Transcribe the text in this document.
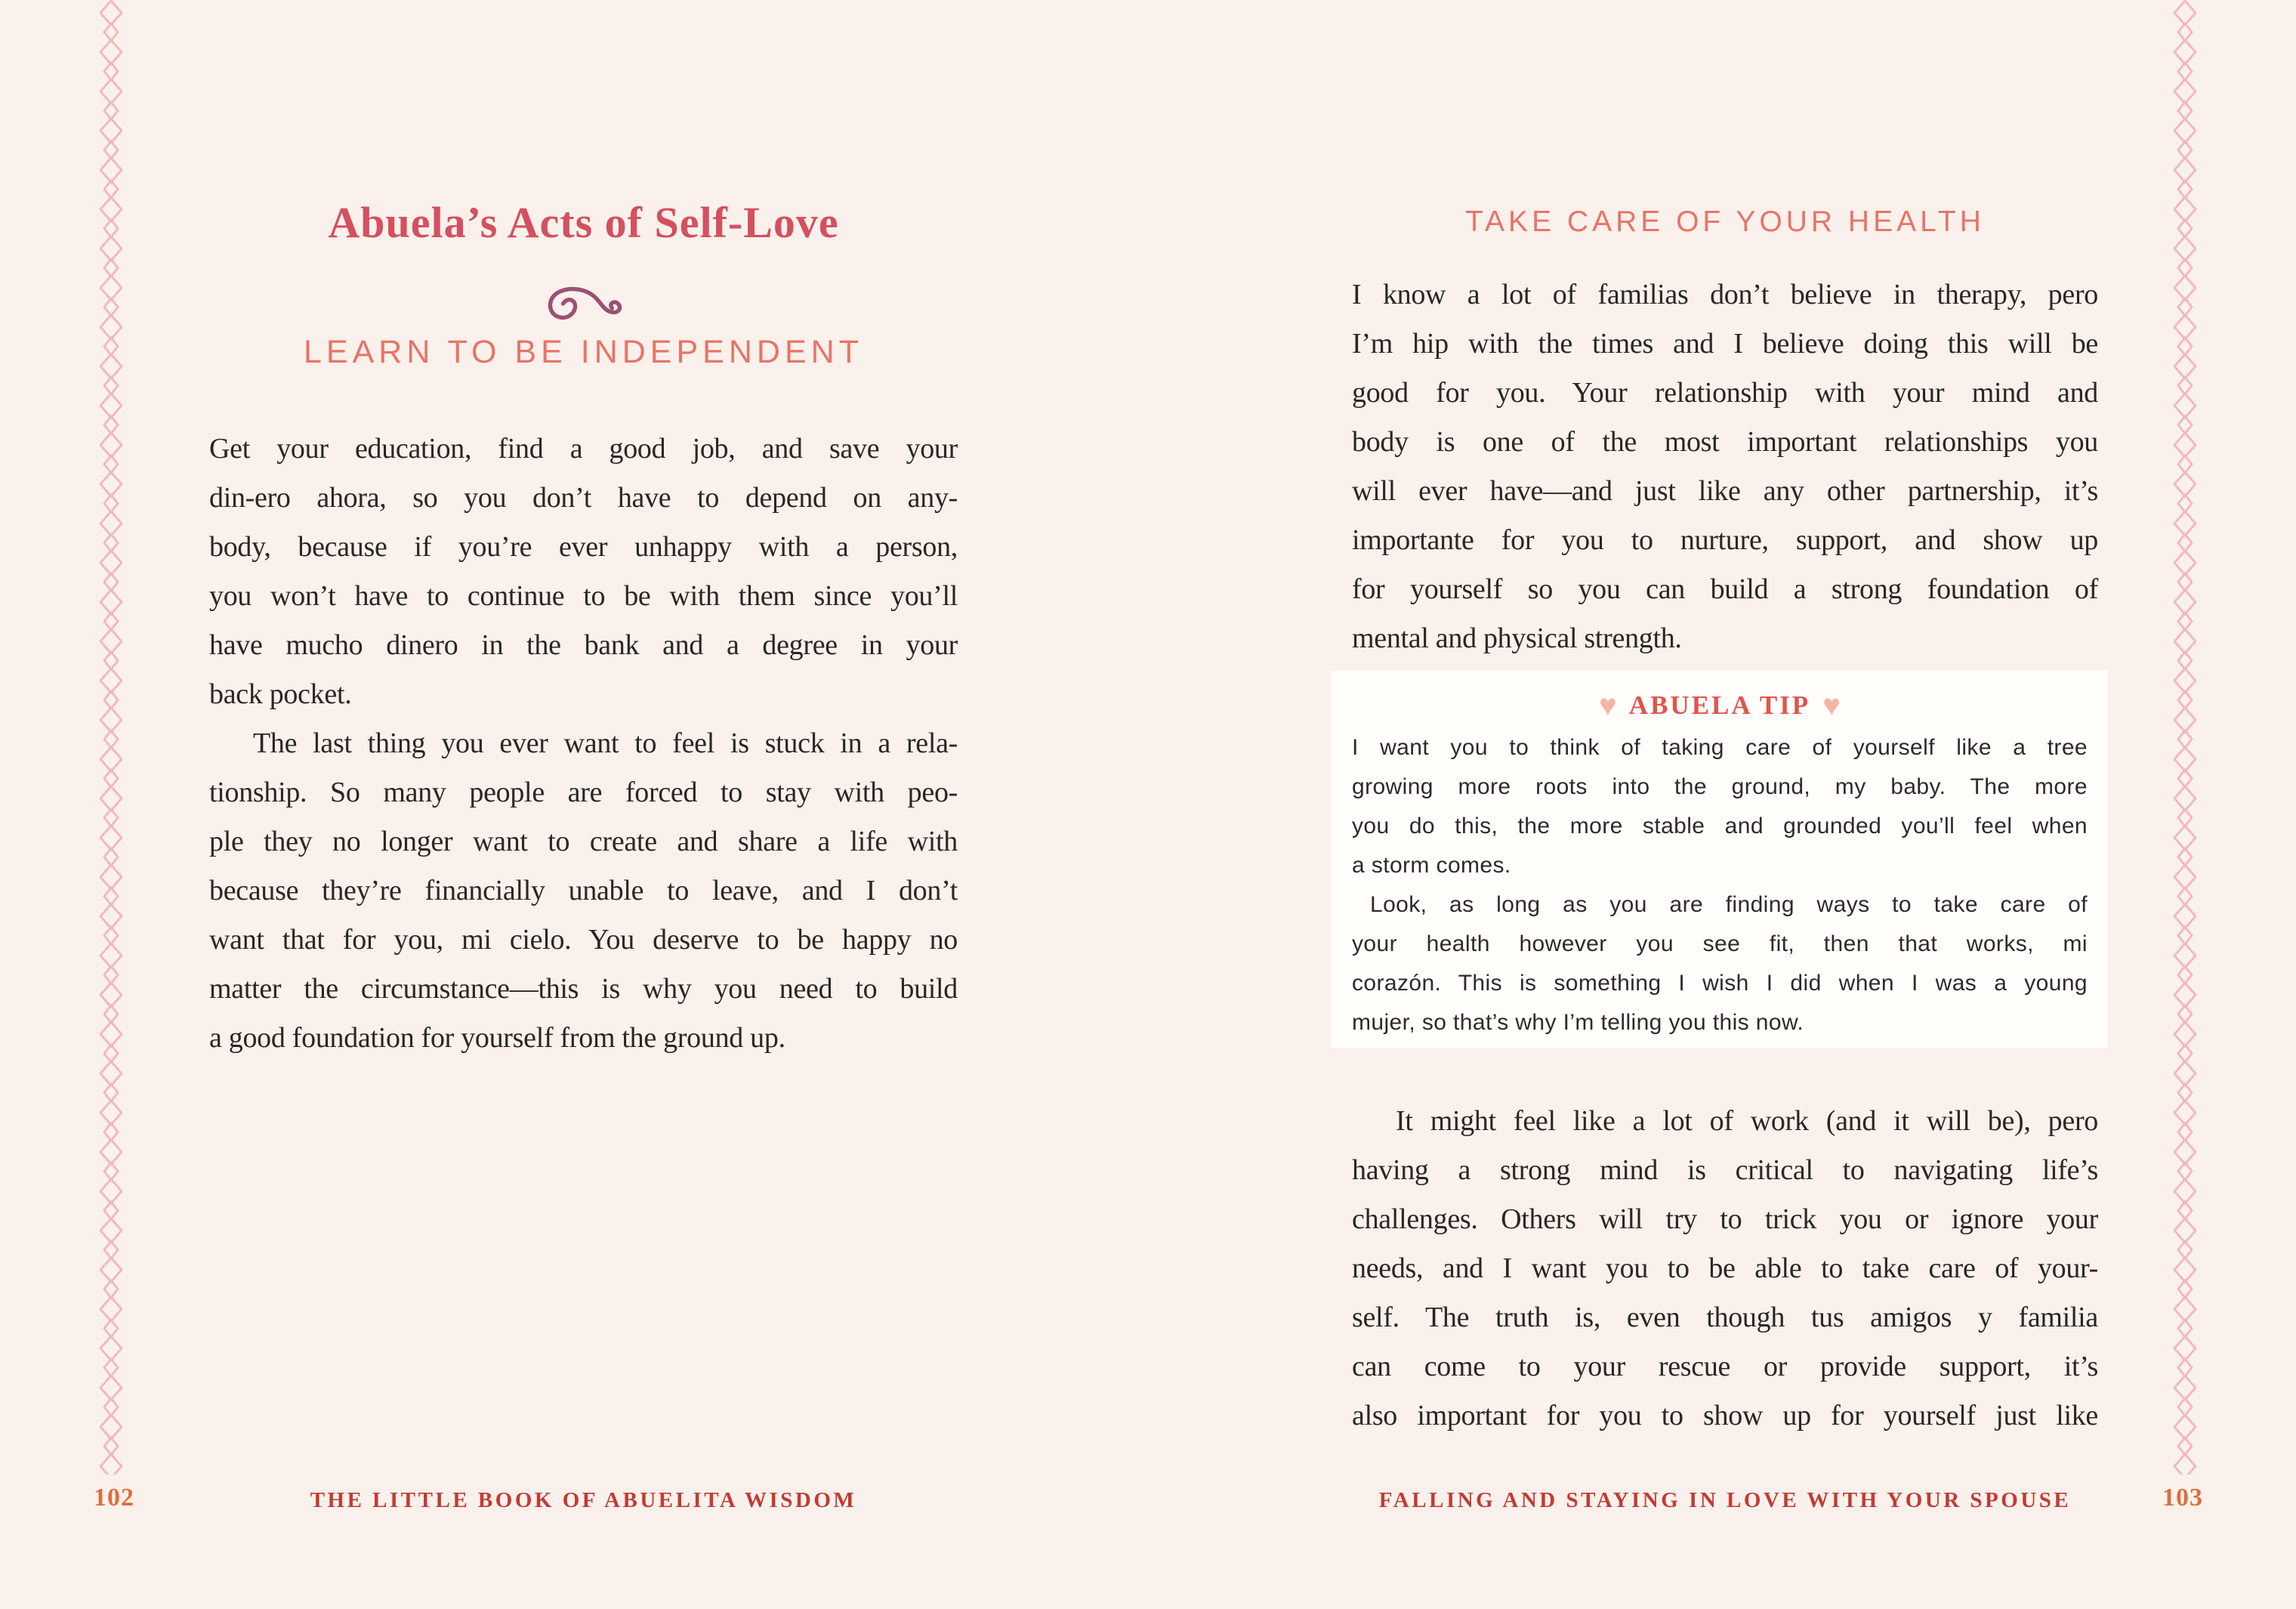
Abuela’s Acts of Self-Love
LEARN TO BE INDEPENDENT
Get your education, find a good job, and save your
din-ero ahora, so you don’t have to depend on any-
body, because if you’re ever unhappy with a person,
you won’t have to continue to be with them since you’ll
have mucho dinero in the bank and a degree in your
back pocket.
The last thing you ever want to feel is stuck in a rela-
tionship. So many people are forced to stay with peo-
ple they no longer want to create and share a life with
because they’re financially unable to leave, and I don’t
want that for you, mi cielo. You deserve to be happy no
matter the circumstance—this is why you need to build
a good foundation for yourself from the ground up.
102	THE LITTLE BOOK OF ABUELITA WISDOM
TAKE CARE OF YOUR HEALTH
I know a lot of familias don’t believe in therapy, pero
I’m hip with the times and I believe doing this will be
good for you. Your relationship with your mind and
body is one of the most important relationships you
will ever have—and just like any other partnership, it’s
importante for you to nurture, support, and show up
for yourself so you can build a strong foundation of
mental and physical strength.
♥ ABUELA TIP ♥
I want you to think of taking care of yourself like a tree
growing more roots into the ground, my baby. The more
you do this, the more stable and grounded you’ll feel when
a storm comes.
Look, as long as you are finding ways to take care of
your health however you see fit, then that works, mi
corazón. This is something I wish I did when I was a young
mujer, so that’s why I’m telling you this now.
It might feel like a lot of work (and it will be), pero
having a strong mind is critical to navigating life’s
challenges. Others will try to trick you or ignore your
needs, and I want you to be able to take care of your-
self. The truth is, even though tus amigos y familia
can come to your rescue or provide support, it’s
also important for you to show up for yourself just like
FALLING AND STAYING IN LOVE WITH YOUR SPOUSE	103
